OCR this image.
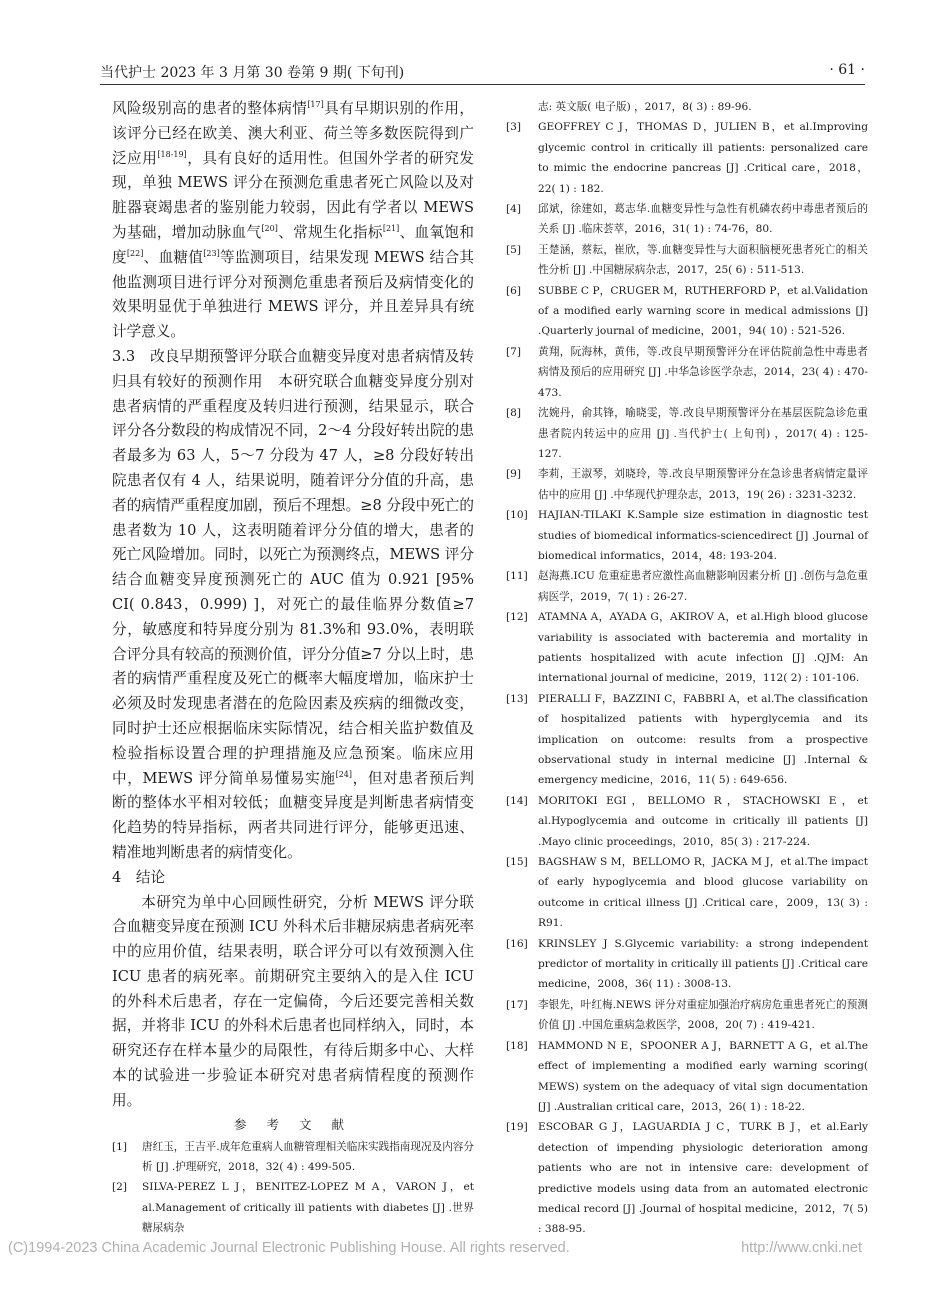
当代护士 2023 年 3 月第 30 卷第 9 期( 下旬刊)	· 61 ·

风险级别高的患者的整体病情[17]具有早期识别的作用，该评分已经在欧美、澳大利亚、荷兰等多数医院得到广泛应用[18-19]，具有良好的适用性。但国外学者的研究发现，单独 MEWS 评分在预测危重患者死亡风险以及对脏器衰竭患者的鉴别能力较弱，因此有学者以 MEWS 为基础，增加动脉血气[20]、常规生化指标[21]、血氧饱和度[22]、血糖值[23]等监测项目，结果发现 MEWS 结合其他监测项目进行评分对预测危重患者预后及病情变化的效果明显优于单独进行 MEWS 评分，并且差异具有统计学意义。

3.3　改良早期预警评分联合血糖变异度对患者病情及转归具有较好的预测作用　本研究联合血糖变异度分别对患者病情的严重程度及转归进行预测，结果显示，联合评分各分数段的构成情况不同，2～4 分段好转出院的患者最多为 63 人，5～7 分段为 47 人，≥8 分段好转出院患者仅有 4 人，结果说明，随着评分分值的升高，患者的病情严重程度加剧，预后不理想。≥8 分段中死亡的患者数为 10 人，这表明随着评分分值的增大，患者的死亡风险增加。同时，以死亡为预测终点，MEWS 评分结合血糖变异度预测死亡的 AUC 值为 0.921 [95% CI( 0.843，0.999) ]，对死亡的最佳临界分数值≥7 分，敏感度和特异度分别为 81.3%和 93.0%，表明联合评分具有较高的预测价值，评分分值≥7 分以上时，患者的病情严重程度及死亡的概率大幅度增加，临床护士必须及时发现患者潜在的危险因素及疾病的细微改变，同时护士还应根据临床实际情况，结合相关监护数值及检验指标设置合理的护理措施及应急预案。临床应用中，MEWS 评分简单易懂易实施[24]，但对患者预后判断的整体水平相对较低；血糖变异度是判断患者病情变化趋势的特异指标，两者共同进行评分，能够更迅速、精准地判断患者的病情变化。

4　结论

本研究为单中心回顾性研究，分析 MEWS 评分联合血糖变异度在预测 ICU 外科术后非糖尿病患者病死率中的应用价值，结果表明，联合评分可以有效预测入住 ICU 患者的病死率。前期研究主要纳入的是入住 ICU 的外科术后患者，存在一定偏倚，今后还要完善相关数据，并将非 ICU 的外科术后患者也同样纳入，同时，本研究还存在样本量少的局限性，有待后期多中心、大样本的试验进一步验证本研究对患者病情程度的预测作用。

参 考 文 献
[1] 唐红玉，王吉平.成年危重病人血糖管理相关临床实践指南现况及内容分析 [J] .护理研究，2018，32( 4) : 499-505.
[2] SILVA-PEREZ L J，BENITEZ-LOPEZ M A，VARON J，et al.Management of critically ill patients with diabetes [J] .世界糖尿病杂
志: 英文版( 电子版) ，2017，8( 3) : 89-96.
[3] GEOFFREY C J，THOMAS D，JULIEN B，et al.Improving glycemic control in critically ill patients: personalized care to mimic the endocrine pancreas [J] .Critical care，2018，22( 1) : 182.
[4] 邱斌，徐建如，葛志华.血糖变异性与急性有机磷农药中毒患者预后的关系 [J] .临床荟萃，2016，31( 1) : 74-76，80.
[5] 王楚涵，蔡耘，崔欣，等.血糖变异性与大面积脑梗死患者死亡的相关性分析 [J] .中国糖尿病杂志，2017，25( 6) : 511-513.
[6] SUBBE C P，CRUGER M，RUTHERFORD P，et al.Validation of a modified early warning score in medical admissions [J] .Quarterly journal of medicine，2001，94( 10) : 521-526.
[7] 黄翔，阮海林，黄伟，等.改良早期预警评分在评估院前急性中毒患者病情及预后的应用研究 [J] .中华急诊医学杂志，2014，23( 4) : 470-473.
[8] 沈婉丹，俞其锋，喻晓雯，等.改良早期预警评分在基层医院急诊危重患者院内转运中的应用 [J] .当代护士( 上旬刊) ，2017( 4) : 125-127.
[9] 李莉，王淑琴，刘晓玲，等.改良早期预警评分在急诊患者病情定量评估中的应用 [J] .中华现代护理杂志，2013，19( 26) : 3231-3232.
[10] HAJIAN-TILAKI K.Sample size estimation in diagnostic test studies of biomedical informatics-sciencedirect [J] .Journal of biomedical informatics，2014，48: 193-204.
[11] 赵海燕.ICU 危重症患者应激性高血糖影响因素分析 [J] .创伤与急危重病医学，2019，7( 1) : 26-27.
[12] ATAMNA A，AYADA G，AKIROV A，et al.High blood glucose variability is associated with bacteremia and mortality in patients hospitalized with acute infection [J] .QJM: An international journal of medicine，2019，112( 2) : 101-106.
[13] PIERALLI F，BAZZINI C，FABBRI A，et al.The classification of hospitalized patients with hyperglycemia and its implication on outcome: results from a prospective observational study in internal medicine [J] .Internal & emergency medicine，2016，11( 5) : 649-656.
[14] MORITOKI EGI，BELLOMO R，STACHOWSKI E，et al.Hypoglycemia and outcome in critically ill patients [J] .Mayo clinic proceedings，2010，85( 3) : 217-224.
[15] BAGSHAW S M，BELLOMO R，JACKA M J，et al.The impact of early hypoglycemia and blood glucose variability on outcome in critical illness [J] .Critical care，2009，13( 3) : R91.
[16] KRINSLEY J S.Glycemic variability: a strong independent predictor of mortality in critically ill patients [J] .Critical care medicine，2008，36( 11) : 3008-13.
[17] 李银先，叶红梅.NEWS 评分对重症加强治疗病房危重患者死亡的预测价值 [J] .中国危重病急救医学，2008，20( 7) : 419-421.
[18] HAMMOND N E，SPOONER A J，BARNETT A G，et al.The effect of implementing a modified early warning scoring( MEWS) system on the adequacy of vital sign documentation [J] .Australian critical care，2013，26( 1) : 18-22.
[19] ESCOBAR G J，LAGUARDIA J C，TURK B J，et al.Early detection of impending physiologic deterioration among patients who are not in intensive care: development of predictive models using data from an automated electronic medical record [J] .Journal of hospital medicine，2012，7( 5) : 388-95.
(C)1994-2023 China Academic Journal Electronic Publishing House. All rights reserved.	http://www.cnki.net
